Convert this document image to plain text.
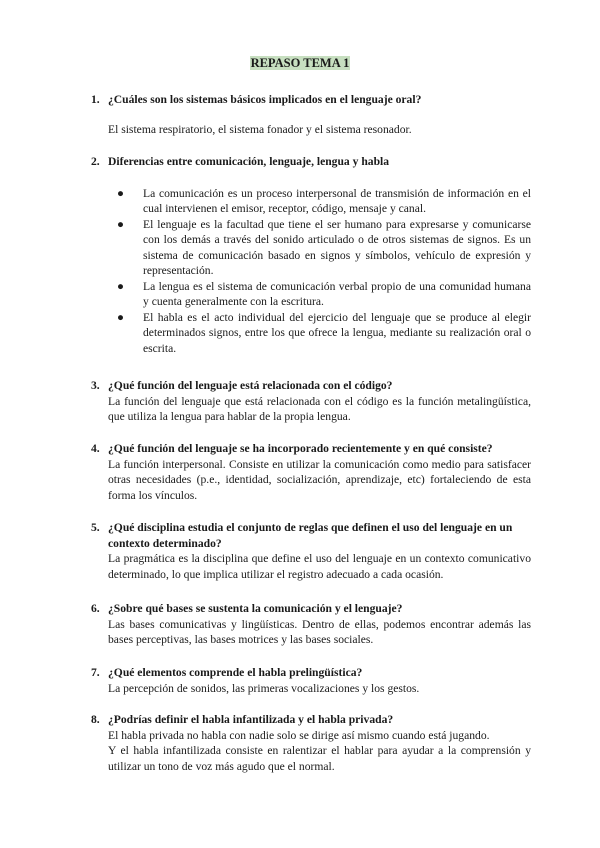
REPASO TEMA 1
1. ¿Cuáles son los sistemas básicos implicados en el lenguaje oral?
El sistema respiratorio, el sistema fonador y el sistema resonador.
2. Diferencias entre comunicación, lenguaje, lengua y habla
● La comunicación es un proceso interpersonal de transmisión de información en el cual intervienen el emisor, receptor, código, mensaje y canal.
● El lenguaje es la facultad que tiene el ser humano para expresarse y comunicarse con los demás a través del sonido articulado o de otros sistemas de signos. Es un sistema de comunicación basado en signos y símbolos, vehículo de expresión y representación.
● La lengua es el sistema de comunicación verbal propio de una comunidad humana y cuenta generalmente con la escritura.
● El habla es el acto individual del ejercicio del lenguaje que se produce al elegir determinados signos, entre los que ofrece la lengua, mediante su realización oral o escrita.
3. ¿Qué función del lenguaje está relacionada con el código?
La función del lenguaje que está relacionada con el código es la función metalingüística, que utiliza la lengua para hablar de la propia lengua.
4. ¿Qué función del lenguaje se ha incorporado recientemente y en qué consiste?
La función interpersonal. Consiste en utilizar la comunicación como medio para satisfacer otras necesidades (p.e., identidad, socialización, aprendizaje, etc) fortaleciendo de esta forma los vínculos.
5. ¿Qué disciplina estudia el conjunto de reglas que definen el uso del lenguaje en un contexto determinado?
La pragmática es la disciplina que define el uso del lenguaje en un contexto comunicativo determinado, lo que implica utilizar el registro adecuado a cada ocasión.
6. ¿Sobre qué bases se sustenta la comunicación y el lenguaje?
Las bases comunicativas y lingüísticas. Dentro de ellas, podemos encontrar además las bases perceptivas, las bases motrices y las bases sociales.
7. ¿Qué elementos comprende el habla prelingüística?
La percepción de sonidos, las primeras vocalizaciones y los gestos.
8. ¿Podrías definir el habla infantilizada y el habla privada?
El habla privada no habla con nadie solo se dirige así mismo cuando está jugando.
Y el habla infantilizada consiste en ralentizar el hablar para ayudar a la comprensión y utilizar un tono de voz más agudo que el normal.
